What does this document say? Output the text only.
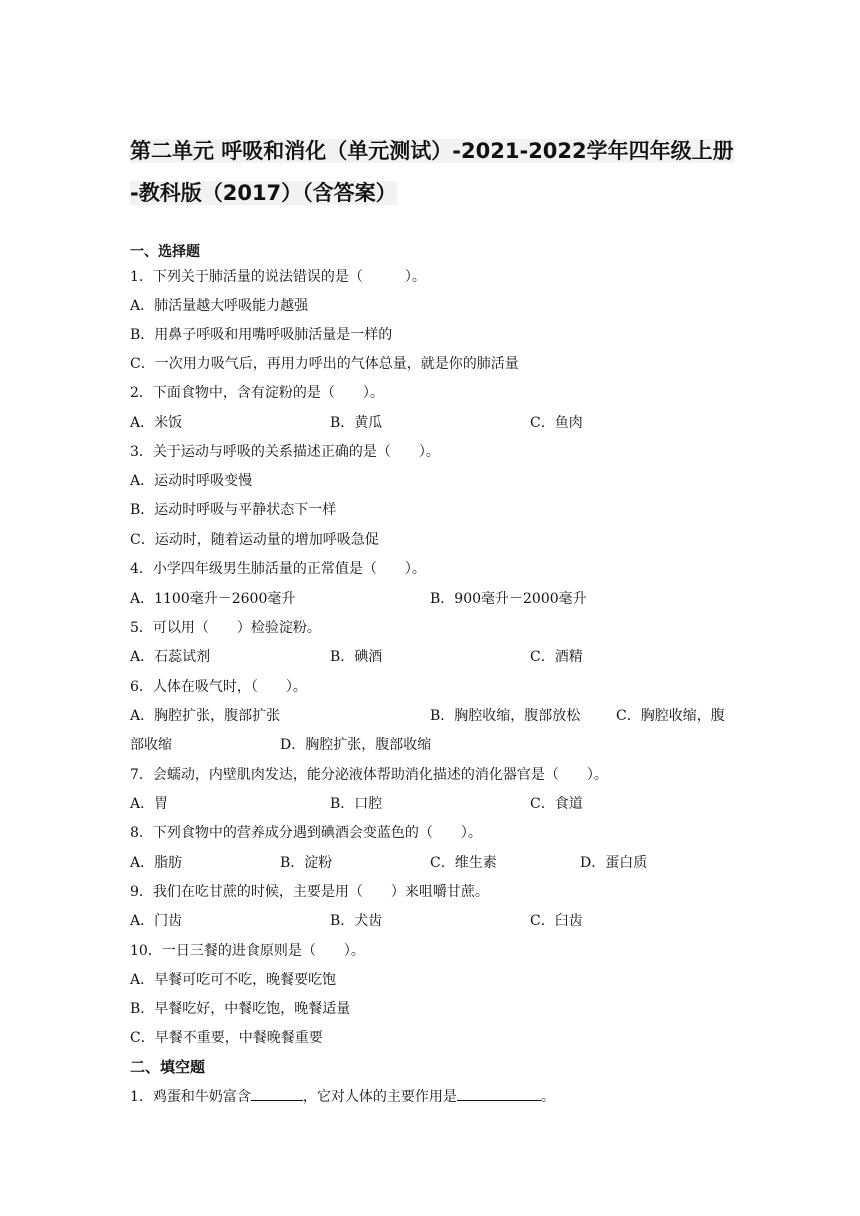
第二单元 呼吸和消化（单元测试）-2021-2022学年四年级上册
-教科版（2017）（含答案）
一、选择题
1．下列关于肺活量的说法错误的是（　　　）。
A．肺活量越大呼吸能力越强
B．用鼻子呼吸和用嘴呼吸肺活量是一样的
C．一次用力吸气后，再用力呼出的气体总量，就是你的肺活量
2．下面食物中，含有淀粉的是（　　）。
A．米饭	B．黄瓜	C．鱼肉
3．关于运动与呼吸的关系描述正确的是（　　）。
A．运动时呼吸变慢
B．运动时呼吸与平静状态下一样
C．运动时，随着运动量的增加呼吸急促
4．小学四年级男生肺活量的正常值是（　　）。
A．1100毫升－2600毫升	B．900毫升－2000毫升
5．可以用（　　）检验淀粉。
A．石蕊试剂	B．碘酒	C．酒精
6．人体在吸气时，（　　）。
A．胸腔扩张，腹部扩张	B．胸腔收缩，腹部放松	C．胸腔收缩，腹
部收缩	D．胸腔扩张，腹部收缩
7．会蠕动，内壁肌肉发达，能分泌液体帮助消化描述的消化器官是（　　）。
A．胃	B．口腔	C．食道
8．下列食物中的营养成分遇到碘酒会变蓝色的（　　）。
A．脂肪	B．淀粉	C．维生素	D．蛋白质
9．我们在吃甘蔗的时候，主要是用（　　）来咀嚼甘蔗。
A．门齿	B．犬齿	C．臼齿
10．一日三餐的进食原则是（　　）。
A．早餐可吃可不吃，晚餐要吃饱
B．早餐吃好，中餐吃饱，晚餐适量
C．早餐不重要，中餐晚餐重要
二、填空题
1．鸡蛋和牛奶富含	，它对人体的主要作用是	。
